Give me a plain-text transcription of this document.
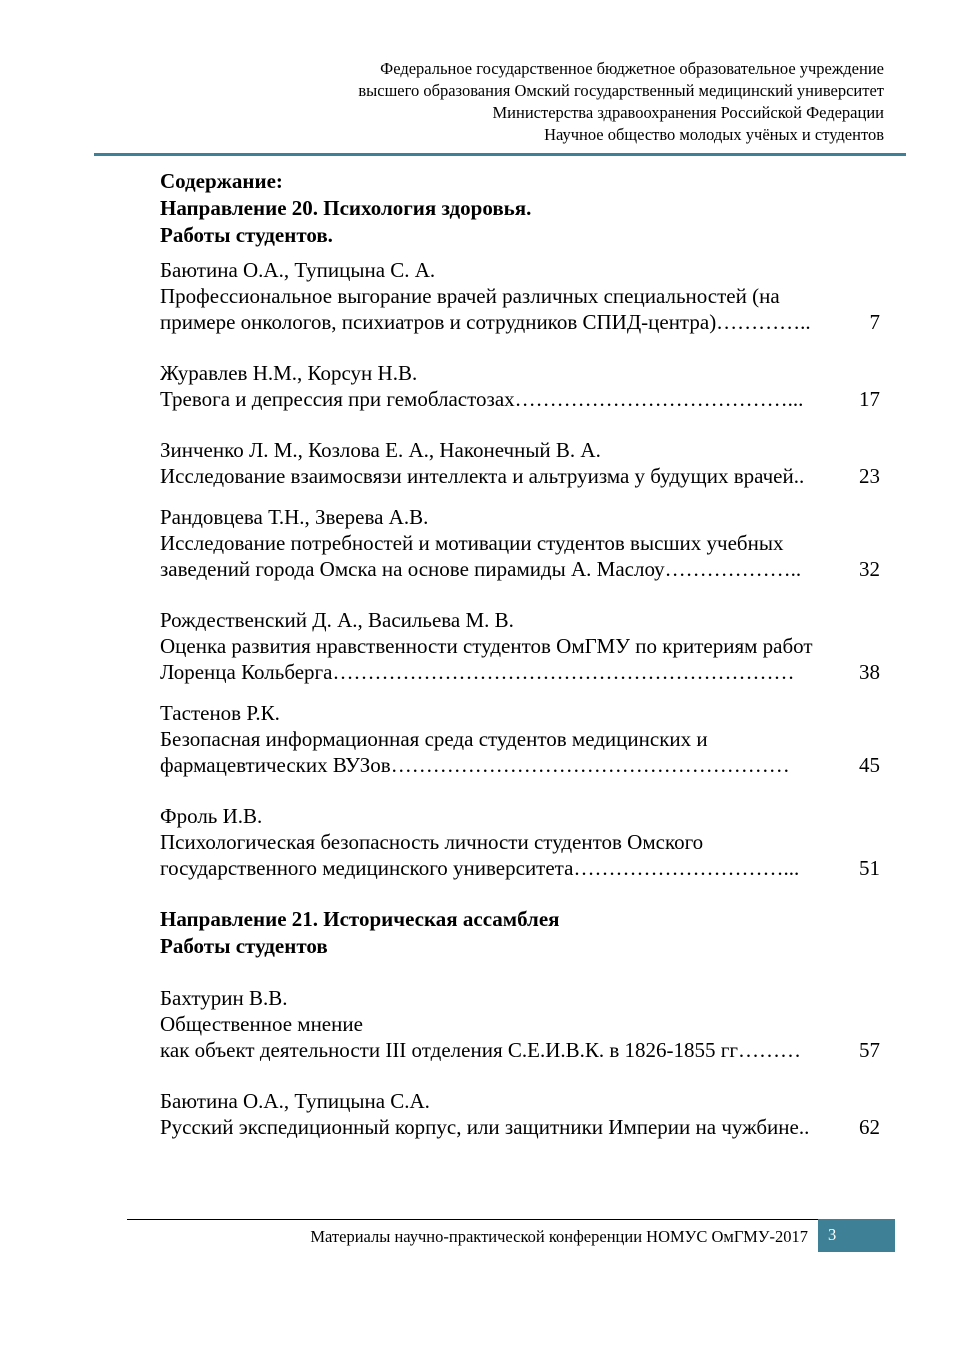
Федеральное государственное бюджетное образовательное учреждение
высшего образования Омский государственный медицинский университет
Министерства здравоохранения Российской Федерации
Научное общество молодых учёных и студентов
Содержание:
Направление 20. Психология здоровья.
Работы студентов.
Баютина О.А., Тупицына С. А.
Профессиональное выгорание врачей различных специальностей (на
примере онкологов, психиатров и сотрудников СПИД-центра)…………..	7
Журавлев Н.М., Корсун Н.В.
Тревога и депрессия при гемобластозах…………………………………...	17
Зинченко Л. М., Козлова Е. А., Наконечный В. А.
Исследование взаимосвязи интеллекта и альтруизма у будущих врачей..	23
Рандовцева Т.Н., Зверева А.В.
Исследование потребностей и мотивации студентов высших учебных
заведений города Омска на основе пирамиды А. Маслоу………………..	32
Рождественский Д. А., Васильева М. В.
Оценка развития нравственности студентов ОмГМУ по критериям работ
Лоренца Кольберга…………………………………………………………	38
Тастенов Р.К.
Безопасная информационная среда студентов медицинских и
фармацевтических ВУЗов…………………………………………………	45
Фроль И.В.
Психологическая безопасность личности студентов Омского
государственного медицинского университета…………………………...	51
Направление 21. Историческая ассамблея
Работы студентов
Бахтурин В.В.
Общественное мнение
как объект деятельности III отделения С.Е.И.В.К. в 1826-1855 гг………	57
Баютина О.А., Тупицына С.А.
Русский экспедиционный корпус, или защитники Империи на чужбине.. 62
Материалы научно-практической конференции НОМУС ОмГМУ-2017	3
